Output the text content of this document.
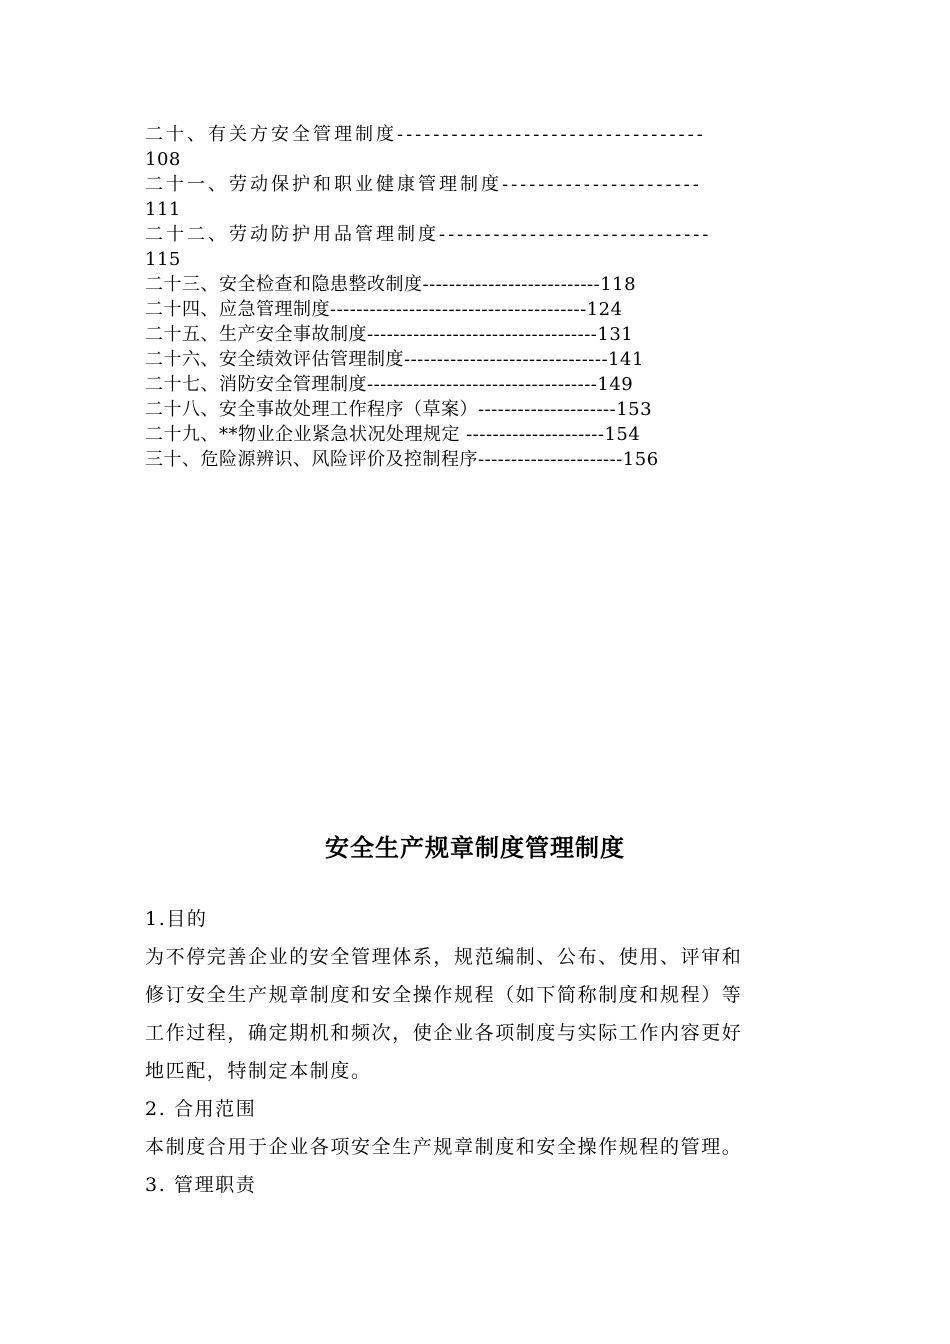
二十、有关方安全管理制度----------------------------------
108
二十一、劳动保护和职业健康管理制度----------------------
111
二十二、劳动防护用品管理制度------------------------------
115
二十三、安全检查和隐患整改制度---------------------------118
二十四、应急管理制度---------------------------------------124
二十五、生产安全事故制度-----------------------------------131
二十六、安全绩效评估管理制度-------------------------------141
二十七、消防安全管理制度-----------------------------------149
二十八、安全事故处理工作程序（草案）---------------------153
二十九、**物业企业紧急状况处理规定 ---------------------154
三十、危险源辨识、风险评价及控制程序----------------------156
安全生产规章制度管理制度
1.目的
为不停完善企业的安全管理体系，规范编制、公布、使用、评审和
修订安全生产规章制度和安全操作规程（如下简称制度和规程）等
工作过程，确定期机和频次，使企业各项制度与实际工作内容更好
地匹配，特制定本制度。
2. 合用范围
本制度合用于企业各项安全生产规章制度和安全操作规程的管理。
3. 管理职责
